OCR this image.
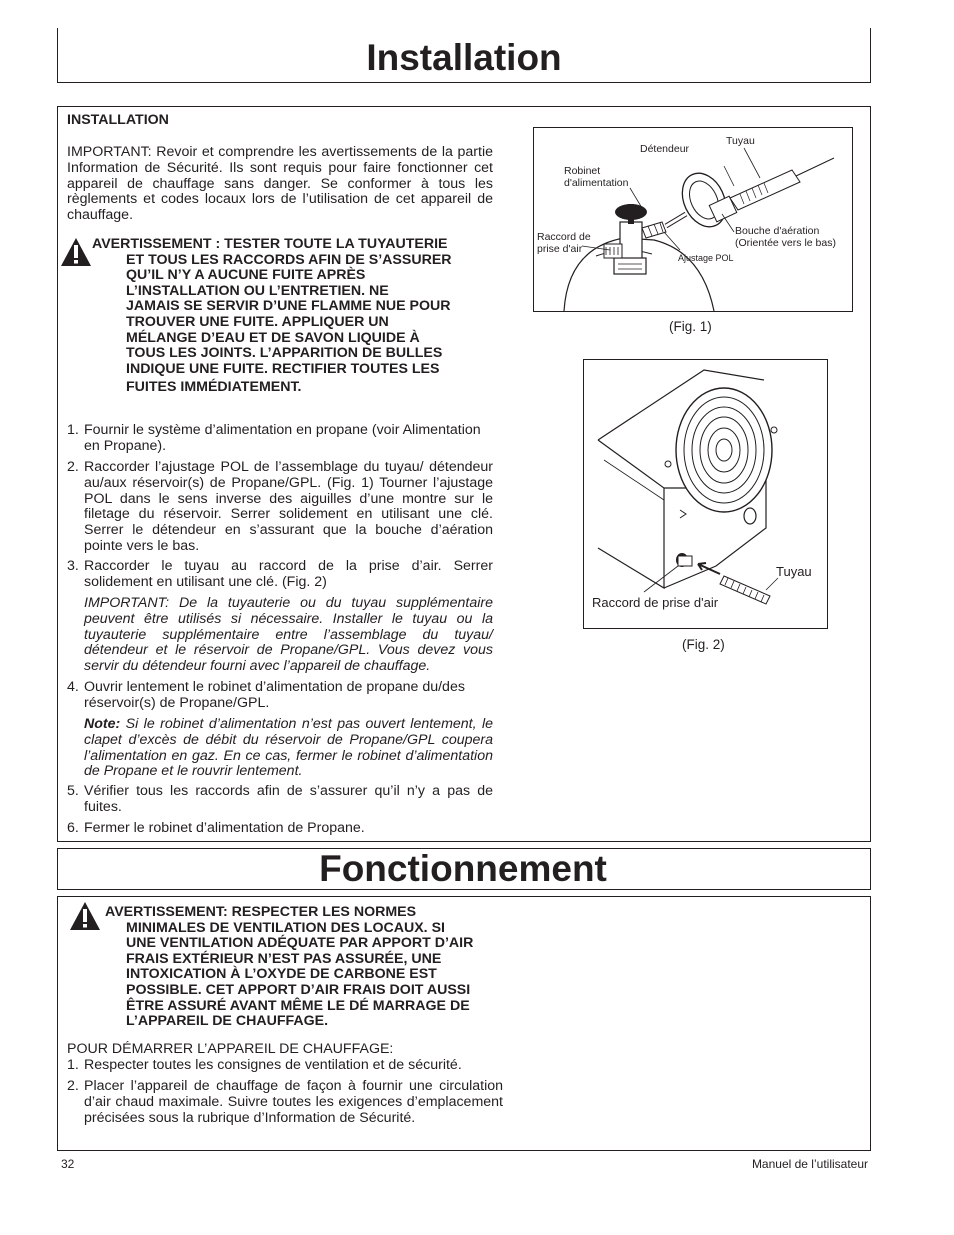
Installation
INSTALLATION
IMPORTANT: Revoir et comprendre les avertissements de la partie Information de Sécurité. Ils sont requis pour faire fonctionner cet appareil de chauffage sans danger. Se conformer à tous les règlements et codes locaux lors de l’utilisation de cet appareil de chauffage.
AVERTISSEMENT : TESTER TOUTE LA TUYAUTERIE
ET TOUS LES RACCORDS AFIN DE S’ASSURER
QU’IL N’Y A AUCUNE FUITE APRÈS
L’INSTALLATION OU L’ENTRETIEN. NE
JAMAIS SE SERVIR D’UNE FLAMME NUE POUR
TROUVER UNE FUITE. APPLIQUER UN
MÉLANGE D’EAU ET DE SAVON LIQUIDE À
TOUS LES JOINTS. L’APPARITION DE BULLES
INDIQUE UNE FUITE. RECTIFIER TOUTES LES
FUITES IMMÉDIATEMENT.
1. Fournir le système d’alimentation en propane (voir Alimentation en Propane).
2. Raccorder l’ajustage POL de l’assemblage du tuyau/ détendeur au/aux réservoir(s) de Propane/GPL. (Fig. 1) Tourner l’ajustage POL dans le sens inverse des aiguilles d’une montre sur le filetage du réservoir. Serrer solidement en utilisant une clé. Serrer le détendeur en s’assurant que la bouche d’aération pointe vers le bas.
3. Raccorder le tuyau au raccord de la prise d’air. Serrer solidement en utilisant une clé. (Fig. 2)
IMPORTANT: De la tuyauterie ou du tuyau supplémentaire peuvent être utilisés si nécessaire. Installer le tuyau ou la tuyauterie supplémentaire entre l’assemblage du tuyau/ détendeur et le réservoir de Propane/GPL. Vous devez vous servir du détendeur fourni avec l’appareil de chauffage.
4. Ouvrir lentement le robinet d’alimentation de propane du/des réservoir(s) de Propane/GPL.
Note: Si le robinet d’alimentation n’est pas ouvert lentement, le clapet d’excès de débit du réservoir de Propane/GPL coupera l’alimentation en gaz. En ce cas, fermer le robinet d’alimentation de Propane et le rouvrir lentement.
5. Vérifier tous les raccords afin de s’assurer qu’il n’y a pas de fuites.
6. Fermer le robinet d’alimentation de Propane.
Tuyau
Détendeur
Robinet
d'alimentation
Raccord de
prise d'air
Bouche d'aération
(Orientée vers le bas)
Ajustage POL
(Fig. 1)
Tuyau
Raccord de prise d'air
(Fig. 2)
Fonctionnement
AVERTISSEMENT: RESPECTER LES NORMES
MINIMALES DE VENTILATION DES LOCAUX. SI
UNE VENTILATION ADÉQUATE PAR APPORT D’AIR
FRAIS EXTÉRIEUR N’EST PAS ASSURÉE, UNE
INTOXICATION À L’OXYDE DE CARBONE EST
POSSIBLE. CET APPORT D’AIR FRAIS DOIT AUSSI
ÊTRE ASSURÉ AVANT MÊME LE DÉ MARRAGE DE
L’APPAREIL DE CHAUFFAGE.
POUR DÉMARRER L’APPAREIL DE CHAUFFAGE:
1. Respecter toutes les consignes de ventilation et de sécurité.
2. Placer l’appareil de chauffage de façon à fournir une circulation d’air chaud maximale. Suivre toutes les exigences d’emplacement précisées sous la rubrique d’Information de Sécurité.
32	Manuel de l’utilisateur
